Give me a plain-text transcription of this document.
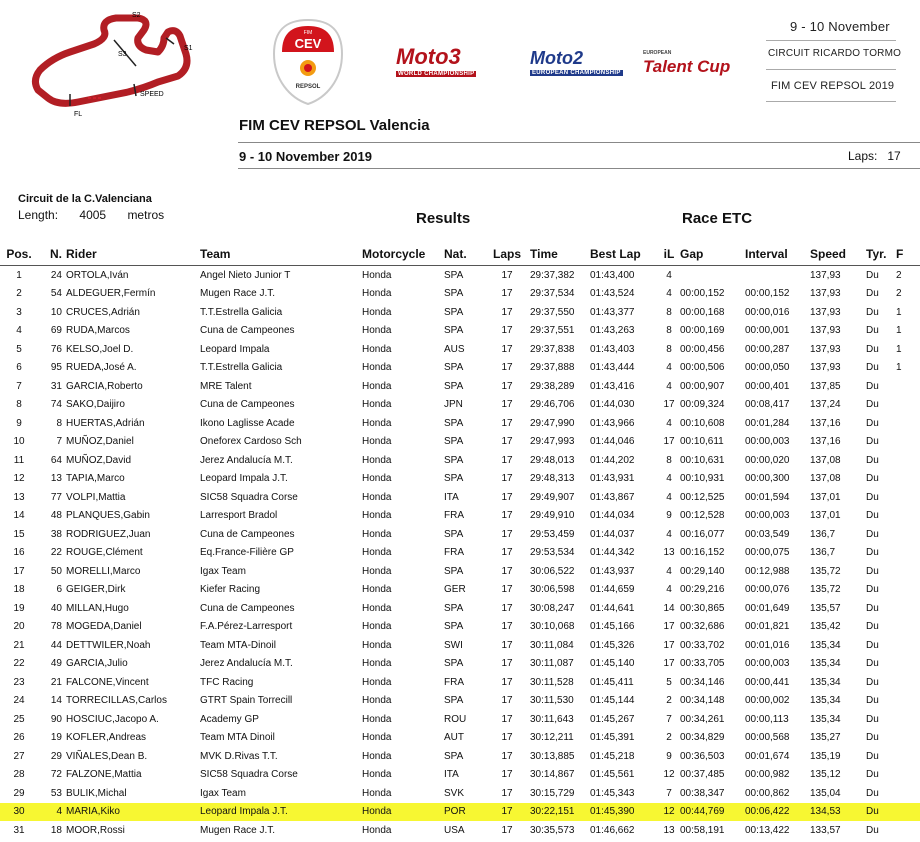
S2
S3
S1
SPEED
FL
FIM
CEV
REPSOL
Moto3
WORLD CHAMPIONSHIP
Moto2
EUROPEAN CHAMPIONSHIP
EUROPEAN
Talent Cup
9 - 10 November
CIRCUIT RICARDO TORMO
FIM CEV REPSOL 2019
FIM CEV REPSOL Valencia
9 - 10 November 2019	Laps: 17
Circuit de la C.Valenciana
Length: 4005 metros	Results	Race ETC
Pos.	N.	Rider	Team	Motorcycle	Nat.	Laps	Time	Best Lap	iL	Gap	Interval	Speed	Tyr.	F
1	24	ORTOLA,Iván	Angel Nieto Junior T	Honda	SPA	17	29:37,382	01:43,400	4			137,93	Du	2
2	54	ALDEGUER,Fermín	Mugen Race J.T.	Honda	SPA	17	29:37,534	01:43,524	4	00:00,152	00:00,152	137,93	Du	2
3	10	CRUCES,Adrián	T.T.Estrella Galicia	Honda	SPA	17	29:37,550	01:43,377	8	00:00,168	00:00,016	137,93	Du	1
4	69	RUDA,Marcos	Cuna de Campeones	Honda	SPA	17	29:37,551	01:43,263	8	00:00,169	00:00,001	137,93	Du	1
5	76	KELSO,Joel D.	Leopard Impala	Honda	AUS	17	29:37,838	01:43,403	8	00:00,456	00:00,287	137,93	Du	1
6	95	RUEDA,José A.	T.T.Estrella Galicia	Honda	SPA	17	29:37,888	01:43,444	4	00:00,506	00:00,050	137,93	Du	1
7	31	GARCIA,Roberto	MRE Talent	Honda	SPA	17	29:38,289	01:43,416	4	00:00,907	00:00,401	137,85	Du	
8	74	SAKO,Daijiro	Cuna de Campeones	Honda	JPN	17	29:46,706	01:44,030	17	00:09,324	00:08,417	137,24	Du	
9	8	HUERTAS,Adrián	Ikono Laglisse Acade	Honda	SPA	17	29:47,990	01:43,966	4	00:10,608	00:01,284	137,16	Du	
10	7	MUÑOZ,Daniel	Oneforex Cardoso Sch	Honda	SPA	17	29:47,993	01:44,046	17	00:10,611	00:00,003	137,16	Du	
11	64	MUÑOZ,David	Jerez Andalucía M.T.	Honda	SPA	17	29:48,013	01:44,202	8	00:10,631	00:00,020	137,08	Du	
12	13	TAPIA,Marco	Leopard Impala J.T.	Honda	SPA	17	29:48,313	01:43,931	4	00:10,931	00:00,300	137,08	Du	
13	77	VOLPI,Mattia	SIC58 Squadra Corse	Honda	ITA	17	29:49,907	01:43,867	4	00:12,525	00:01,594	137,01	Du	
14	48	PLANQUES,Gabin	Larresport Bradol	Honda	FRA	17	29:49,910	01:44,034	9	00:12,528	00:00,003	137,01	Du	
15	38	RODRIGUEZ,Juan	Cuna de Campeones	Honda	SPA	17	29:53,459	01:44,037	4	00:16,077	00:03,549	136,7	Du	
16	22	ROUGE,Clément	Eq.France-Filière GP	Honda	FRA	17	29:53,534	01:44,342	13	00:16,152	00:00,075	136,7	Du	
17	50	MORELLI,Marco	Igax Team	Honda	SPA	17	30:06,522	01:43,937	4	00:29,140	00:12,988	135,72	Du	
18	6	GEIGER,Dirk	Kiefer Racing	Honda	GER	17	30:06,598	01:44,659	4	00:29,216	00:00,076	135,72	Du	
19	40	MILLAN,Hugo	Cuna de Campeones	Honda	SPA	17	30:08,247	01:44,641	14	00:30,865	00:01,649	135,57	Du	
20	78	MOGEDA,Daniel	F.A.Pérez-Larresport	Honda	SPA	17	30:10,068	01:45,166	17	00:32,686	00:01,821	135,42	Du	
21	44	DETTWILER,Noah	Team MTA-Dinoil	Honda	SWI	17	30:11,084	01:45,326	17	00:33,702	00:01,016	135,34	Du	
22	49	GARCIA,Julio	Jerez Andalucía M.T.	Honda	SPA	17	30:11,087	01:45,140	17	00:33,705	00:00,003	135,34	Du	
23	21	FALCONE,Vincent	TFC Racing	Honda	FRA	17	30:11,528	01:45,411	5	00:34,146	00:00,441	135,34	Du	
24	14	TORRECILLAS,Carlos	GTRT Spain Torrecill	Honda	SPA	17	30:11,530	01:45,144	2	00:34,148	00:00,002	135,34	Du	
25	90	HOSCIUC,Jacopo A.	Academy GP	Honda	ROU	17	30:11,643	01:45,267	7	00:34,261	00:00,113	135,34	Du	
26	19	KOFLER,Andreas	Team MTA Dinoil	Honda	AUT	17	30:12,211	01:45,391	2	00:34,829	00:00,568	135,27	Du	
27	29	VIÑALES,Dean B.	MVK D.Rivas T.T.	Honda	SPA	17	30:13,885	01:45,218	9	00:36,503	00:01,674	135,19	Du	
28	72	FALZONE,Mattia	SIC58 Squadra Corse	Honda	ITA	17	30:14,867	01:45,561	12	00:37,485	00:00,982	135,12	Du	
29	53	BULIK,Michal	Igax Team	Honda	SVK	17	30:15,729	01:45,343	7	00:38,347	00:00,862	135,04	Du	
30	4	MARIA,Kiko	Leopard Impala J.T.	Honda	POR	17	30:22,151	01:45,390	12	00:44,769	00:06,422	134,53	Du	
31	18	MOOR,Rossi	Mugen Race J.T.	Honda	USA	17	30:35,573	01:46,662	13	00:58,191	00:13,422	133,57	Du	
